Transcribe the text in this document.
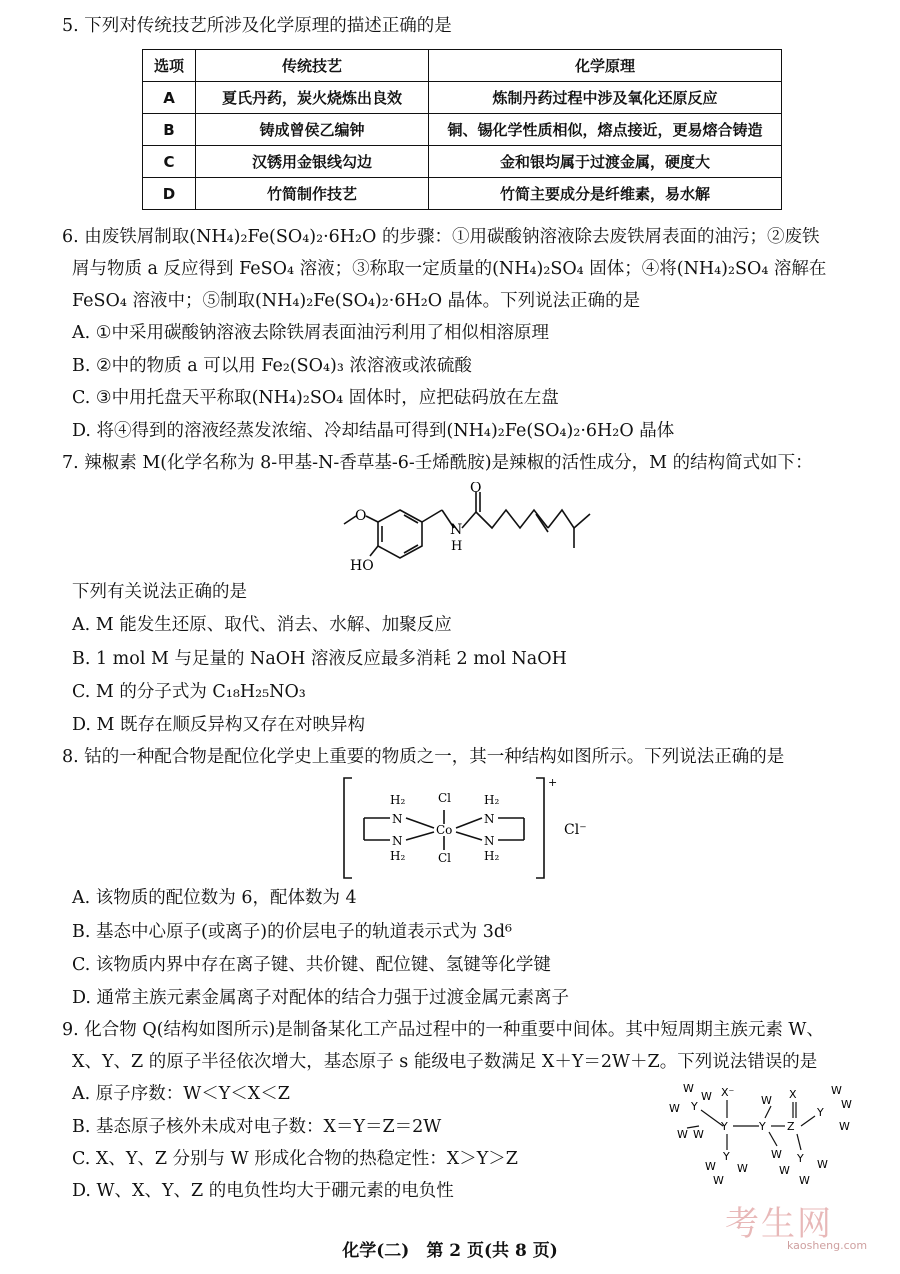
5. 下列对传统技艺所涉及化学原理的描述正确的是
选项	传统技艺	化学原理
A	夏氏丹药，炭火烧炼出良效	炼制丹药过程中涉及氧化还原反应
B	铸成曾侯乙编钟	铜、锡化学性质相似，熔点接近，更易熔合铸造
C	汉锈用金银线勾边	金和银均属于过渡金属，硬度大
D	竹简制作技艺	竹简主要成分是纤维素，易水解
6. 由废铁屑制取(NH₄)₂Fe(SO₄)₂·6H₂O 的步骤：①用碳酸钠溶液除去废铁屑表面的油污；②废铁
屑与物质 a 反应得到 FeSO₄ 溶液；③称取一定质量的(NH₄)₂SO₄ 固体；④将(NH₄)₂SO₄ 溶解在
FeSO₄ 溶液中；⑤制取(NH₄)₂Fe(SO₄)₂·6H₂O 晶体。下列说法正确的是
A. ①中采用碳酸钠溶液去除铁屑表面油污利用了相似相溶原理
B. ②中的物质 a 可以用 Fe₂(SO₄)₃ 浓溶液或浓硫酸
C. ③中用托盘天平称取(NH₄)₂SO₄ 固体时，应把砝码放在左盘
D. 将④得到的溶液经蒸发浓缩、冷却结晶可得到(NH₄)₂Fe(SO₄)₂·6H₂O 晶体
7. 辣椒素 M(化学名称为 8-甲基-N-香草基-6-壬烯酰胺)是辣椒的活性成分，M 的结构简式如下：
O
N
H
O
HO
下列有关说法正确的是
A. M 能发生还原、取代、消去、水解、加聚反应
B. 1 mol M 与足量的 NaOH 溶液反应最多消耗 2 mol NaOH
C. M 的分子式为 C₁₈H₂₅NO₃
D. M 既存在顺反异构又存在对映异构
8. 钴的一种配合物是配位化学史上重要的物质之一，其一种结构如图所示。下列说法正确的是
H₂
N
N
H₂
Cl
Co
Cl
H₂
N
N
H₂
+
Cl⁻
A. 该物质的配位数为 6，配体数为 4
B. 基态中心原子(或离子)的价层电子的轨道表示式为 3d⁶
C. 该物质内界中存在离子键、共价键、配位键、氢键等化学键
D. 通常主族元素金属离子对配体的结合力强于过渡金属元素离子
9. 化合物 Q(结构如图所示)是制备某化工产品过程中的一种重要中间体。其中短周期主族元素 W、
X、Y、Z 的原子半径依次增大，基态原子 s 能级电子数满足 X＋Y＝2W＋Z。下列说法错误的是
A. 原子序数：W＜Y＜X＜Z
B. 基态原子核外未成对电子数：X＝Y＝Z＝2W
C. X、Y、Z 分别与 W 形成化合物的热稳定性：X＞Y＞Z
D. W、X、Y、Z 的电负性均大于硼元素的电负性
W
W Y
W
W W
X⁻
Y
Y
W
W
W
W
Y
W
X
Z
Y
W
W
W
Y
W
W
W
化学(二)　第 2 页(共 8 页)
考生网
kaosheng.com
